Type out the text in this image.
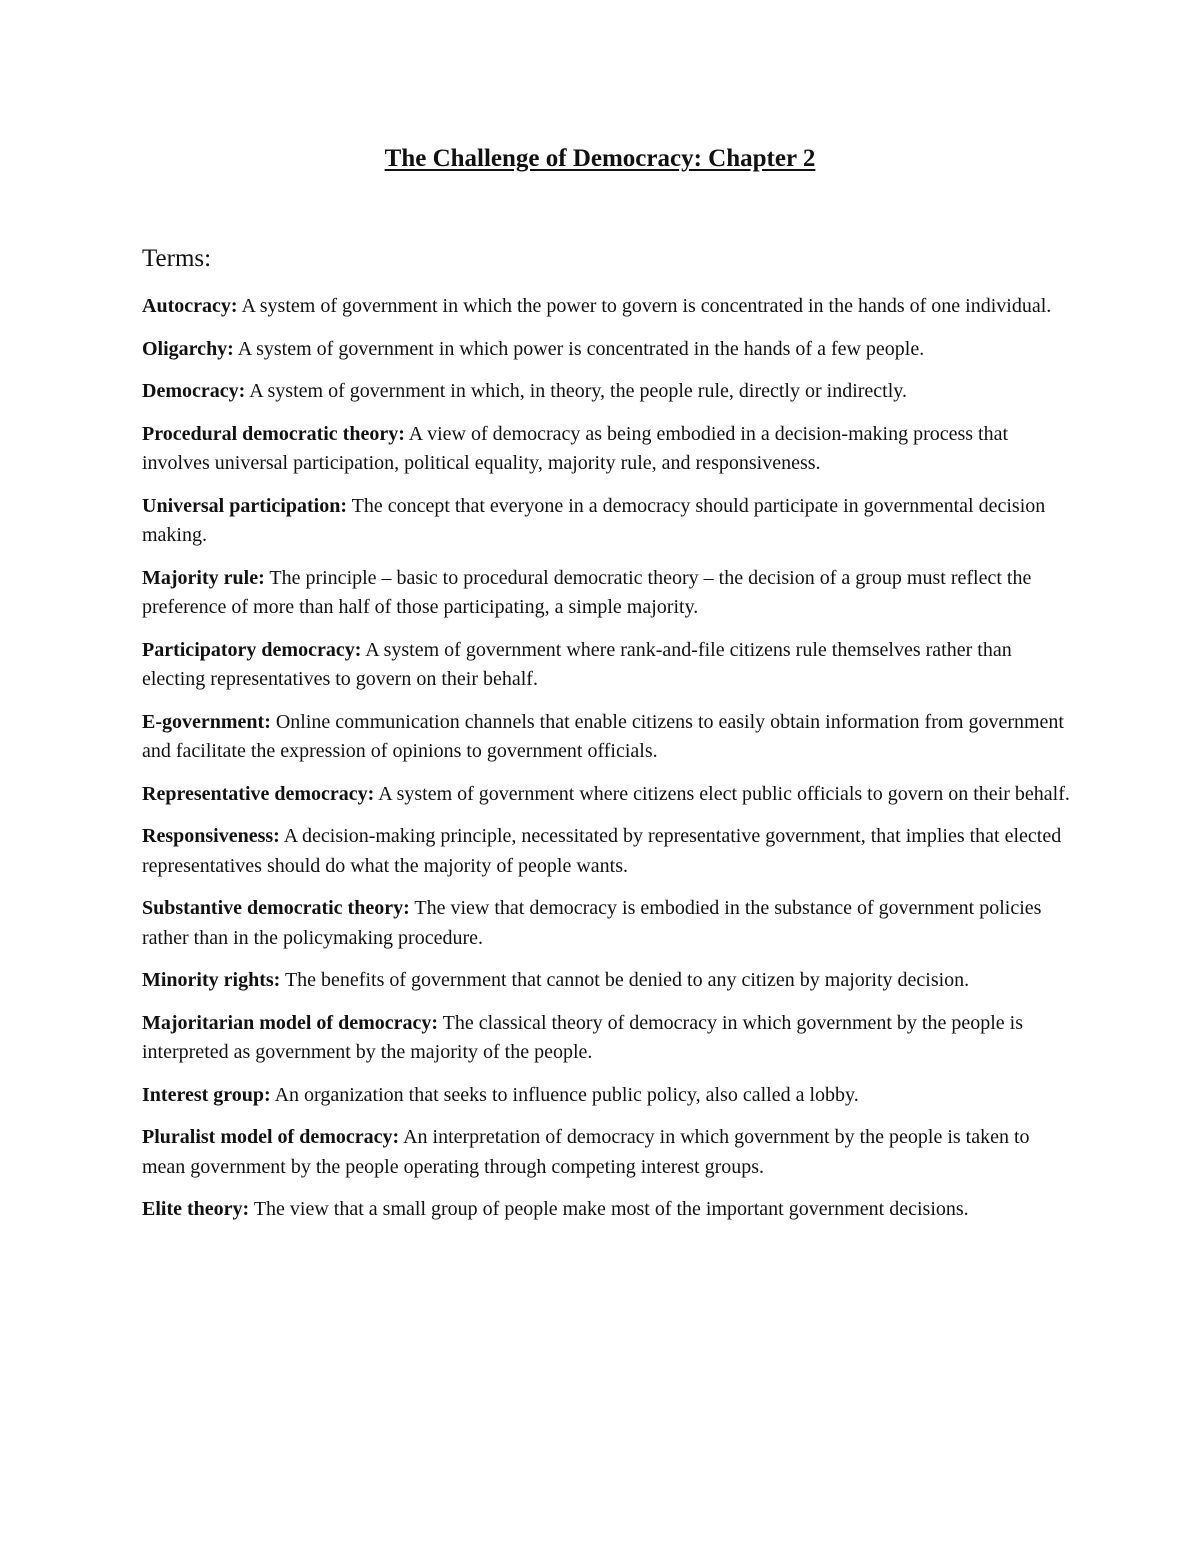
The Challenge of Democracy: Chapter 2
Terms:

Autocracy: A system of government in which the power to govern is concentrated in the hands of one individual.

Oligarchy: A system of government in which power is concentrated in the hands of a few people.

Democracy: A system of government in which, in theory, the people rule, directly or indirectly.

Procedural democratic theory: A view of democracy as being embodied in a decision-making process that involves universal participation, political equality, majority rule, and responsiveness.

Universal participation: The concept that everyone in a democracy should participate in governmental decision making.

Majority rule: The principle – basic to procedural democratic theory – the decision of a group must reflect the preference of more than half of those participating, a simple majority.

Participatory democracy: A system of government where rank-and-file citizens rule themselves rather than electing representatives to govern on their behalf.

E-government: Online communication channels that enable citizens to easily obtain information from government and facilitate the expression of opinions to government officials.

Representative democracy: A system of government where citizens elect public officials to govern on their behalf.

Responsiveness: A decision-making principle, necessitated by representative government, that implies that elected representatives should do what the majority of people wants.

Substantive democratic theory: The view that democracy is embodied in the substance of government policies rather than in the policymaking procedure.

Minority rights: The benefits of government that cannot be denied to any citizen by majority decision.

Majoritarian model of democracy: The classical theory of democracy in which government by the people is interpreted as government by the majority of the people.

Interest group: An organization that seeks to influence public policy, also called a lobby.

Pluralist model of democracy: An interpretation of democracy in which government by the people is taken to mean government by the people operating through competing interest groups.

Elite theory: The view that a small group of people make most of the important government decisions.
